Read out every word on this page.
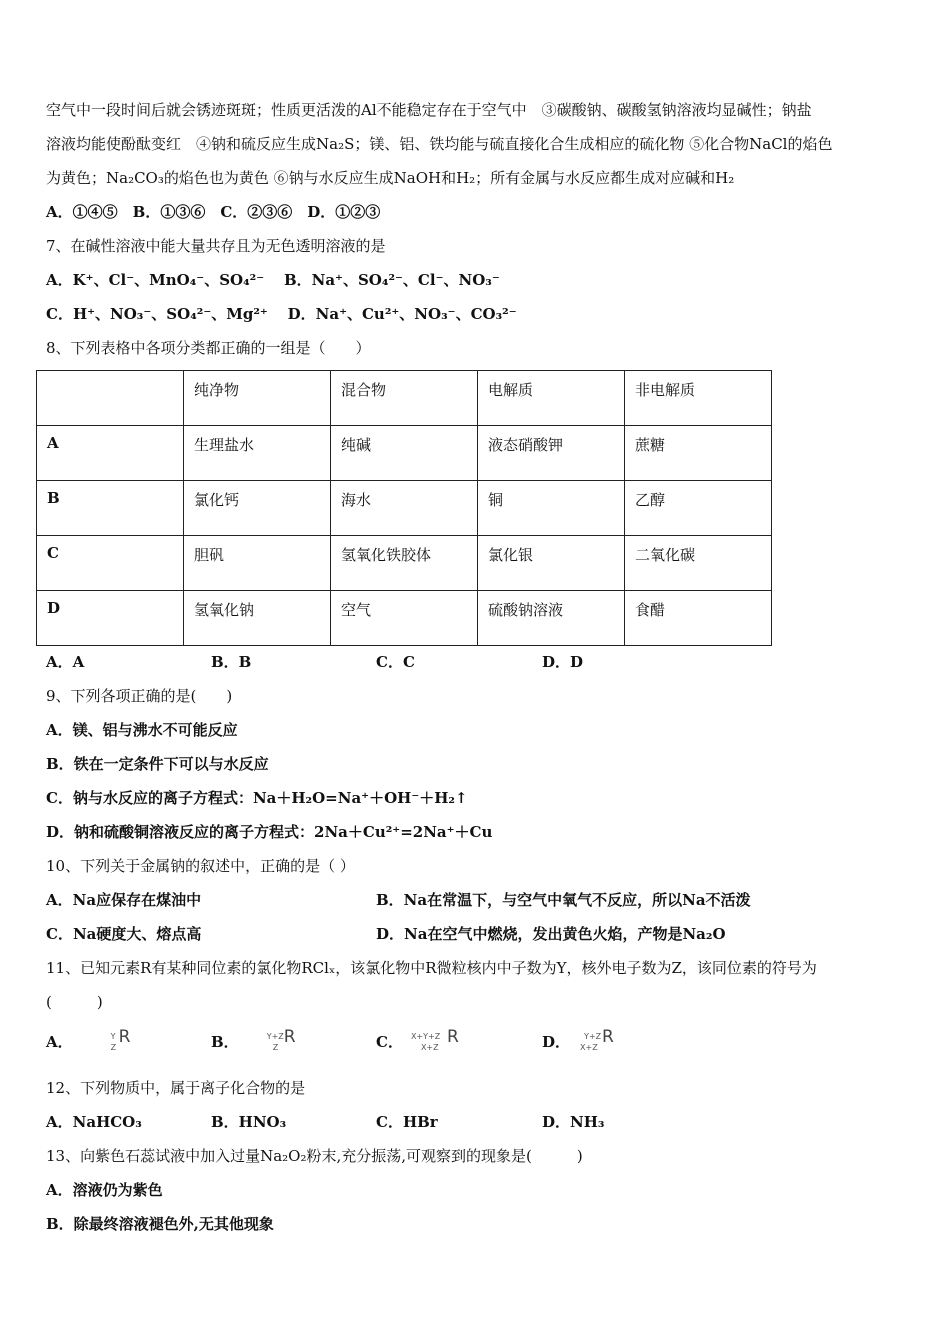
空气中一段时间后就会锈迹斑斑；性质更活泼的Al不能稳定存在于空气中　③碳酸钠、碳酸氢钠溶液均显碱性；钠盐
溶液均能使酚酞变红　④钠和硫反应生成Na₂S；镁、铝、铁均能与硫直接化合生成相应的硫化物 ⑤化合物NaCl的焰色
为黄色；Na₂CO₃的焰色也为黄色 ⑥钠与水反应生成NaOH和H₂；所有金属与水反应都生成对应碱和H₂
A．①④⑤　B．①③⑥　C．②③⑥　D．①②③
7、在碱性溶液中能大量共存且为无色透明溶液的是
A．K⁺、Cl⁻、MnO₄⁻、SO₄²⁻　 B．Na⁺、SO₄²⁻、Cl⁻、NO₃⁻
C．H⁺、NO₃⁻、SO₄²⁻、Mg²⁺　 D．Na⁺、Cu²⁺、NO₃⁻、CO₃²⁻
8、下列表格中各项分类都正确的一组是（　　）
	纯净物	混合物	电解质	非电解质
A	生理盐水	纯碱	液态硝酸钾	蔗糖
B	氯化钙	海水	铜	乙醇
C	胆矾	氢氧化铁胶体	氯化银	二氧化碳
D	氢氧化钠	空气	硫酸钠溶液	食醋
A．A	B．B	C．C	D．D
9、下列各项正确的是(　　)
A．镁、铝与沸水不可能反应
B．铁在一定条件下可以与水反应
C．钠与水反应的离子方程式：Na＋H₂O=Na⁺＋OH⁻＋H₂↑
D．钠和硫酸铜溶液反应的离子方程式：2Na＋Cu²⁺=2Na⁺＋Cu
10、下列关于金属钠的叙述中，正确的是（ ）
A．Na应保存在煤油中	B．Na在常温下，与空气中氧气不反应，所以Na不活泼
C．Na硬度大、熔点高	D．Na在空气中燃烧，发出黄色火焰，产物是Na₂O
11、已知元素R有某种同位素的氯化物RClₓ，该氯化物中R微粒核内中子数为Y，核外电子数为Z，该同位素的符号为
(　　　)
A．	Y
Z
R	B．	Y+Z
Z
R	C． X+Y+Z
X+Z
R	D． Y+Z
X+Z
R
12、下列物质中，属于离子化合物的是
A．NaHCO₃	B．HNO₃	C．HBr	D．NH₃
13、向紫色石蕊试液中加入过量Na₂O₂粉末,充分振荡,可观察到的现象是(　　　)
A．溶液仍为紫色
B．除最终溶液褪色外,无其他现象
